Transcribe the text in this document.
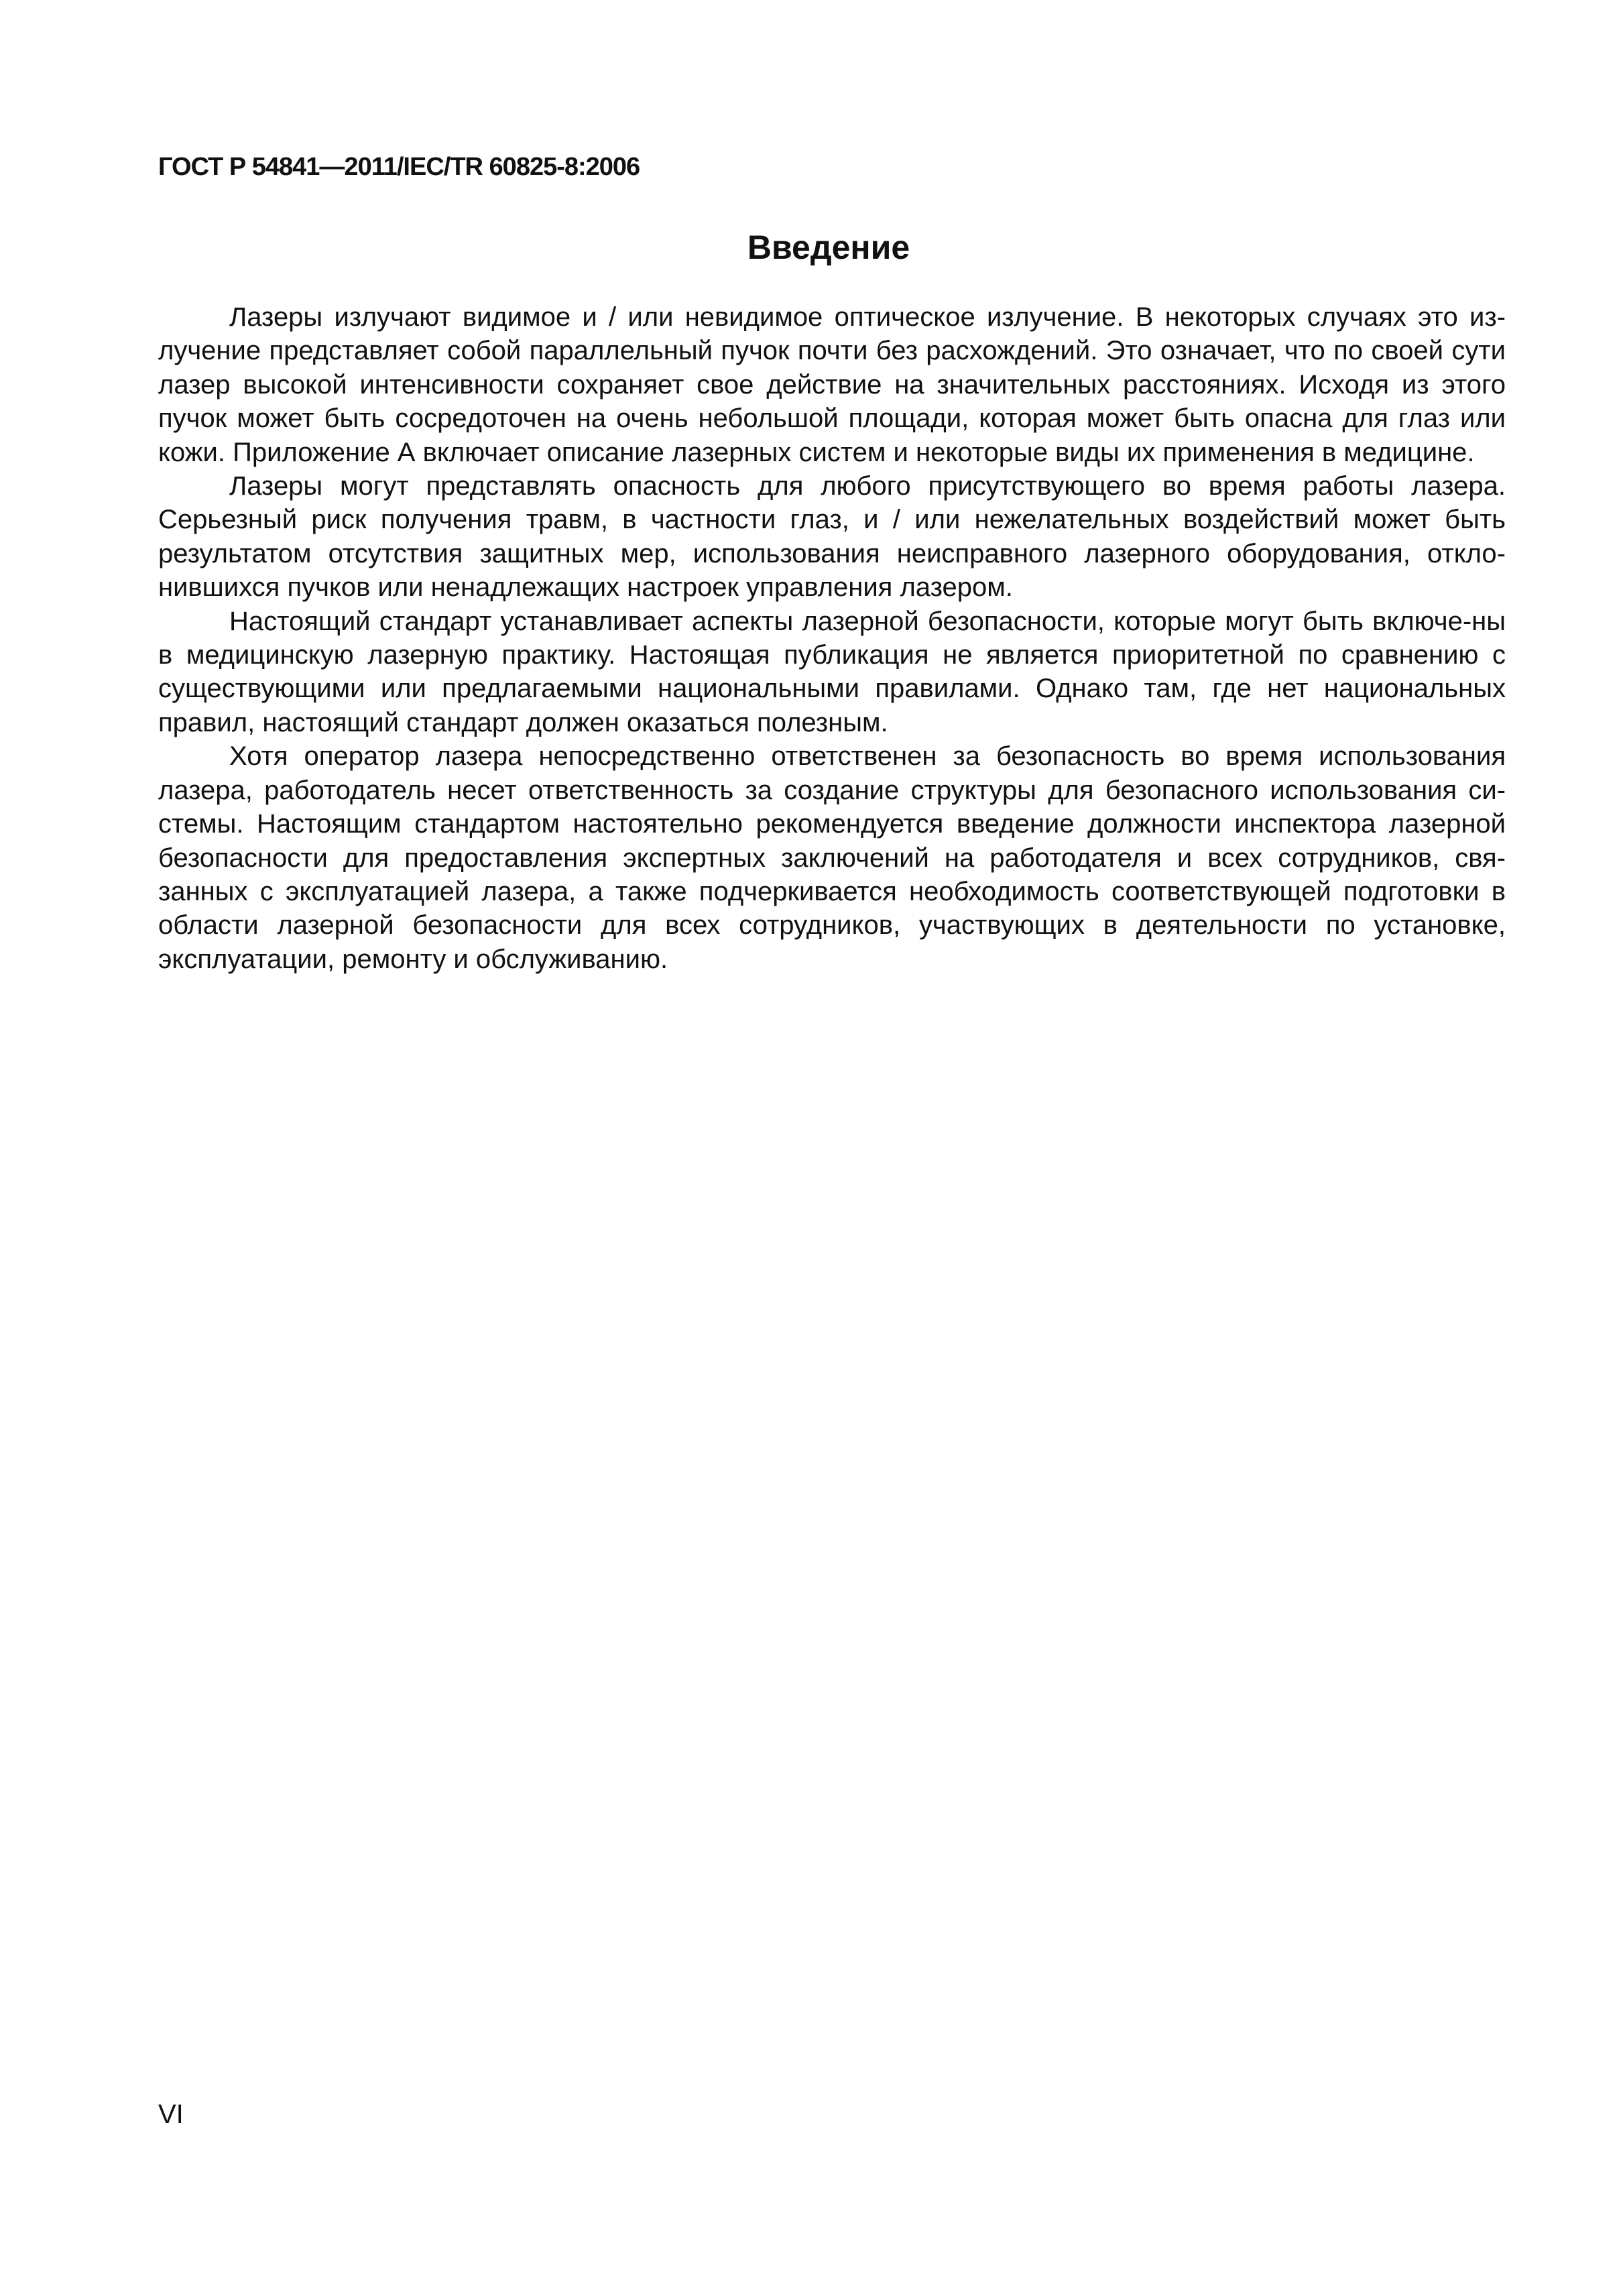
ГОСТ Р 54841—2011/IEC/TR 60825-8:2006
Введение

Лазеры излучают видимое и / или невидимое оптическое излучение. В некоторых случаях это из-лучение представляет собой параллельный пучок почти без расхождений. Это означает, что по своей сути лазер высокой интенсивности сохраняет свое действие на значительных расстояниях. Исходя из этого пучок может быть сосредоточен на очень небольшой площади, которая может быть опасна для глаз или кожи. Приложение А включает описание лазерных систем и некоторые виды их применения в медицине.

Лазеры могут представлять опасность для любого присутствующего во время работы лазера. Серьезный риск получения травм, в частности глаз, и / или нежелательных воздействий может быть результатом отсутствия защитных мер, использования неисправного лазерного оборудования, откло-нившихся пучков или ненадлежащих настроек управления лазером.

Настоящий стандарт устанавливает аспекты лазерной безопасности, которые могут быть включе-ны в медицинскую лазерную практику. Настоящая публикация не является приоритетной по сравнению с существующими или предлагаемыми национальными правилами. Однако там, где нет национальных правил, настоящий стандарт должен оказаться полезным.

Хотя оператор лазера непосредственно ответственен за безопасность во время использования лазера, работодатель несет ответственность за создание структуры для безопасного использования си-стемы. Настоящим стандартом настоятельно рекомендуется введение должности инспектора лазерной безопасности для предоставления экспертных заключений на работодателя и всех сотрудников, свя-занных с эксплуатацией лазера, а также подчеркивается необходимость соответствующей подготовки в области лазерной безопасности для всех сотрудников, участвующих в деятельности по установке, эксплуатации, ремонту и обслуживанию.

VI
